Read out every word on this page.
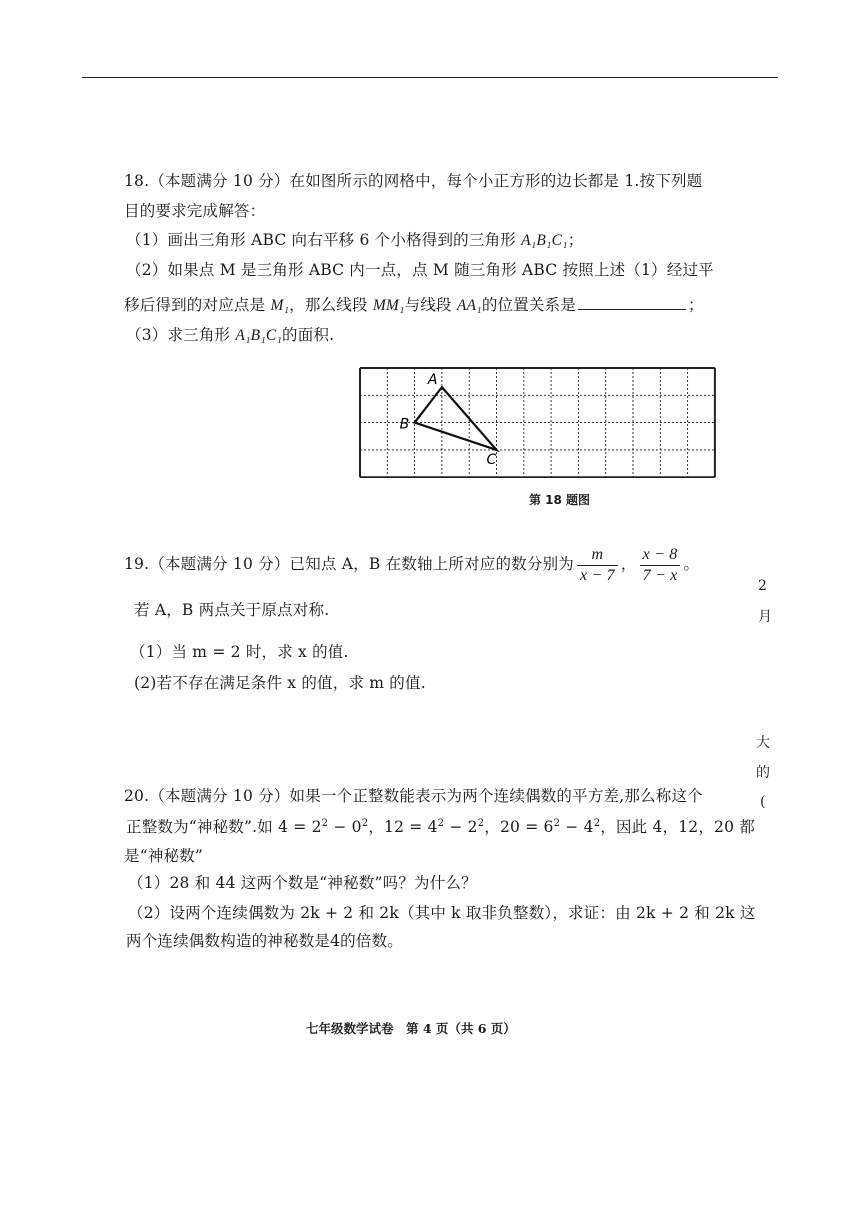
18.（本题满分 10 分）在如图所示的网格中，每个小正方形的边长都是 1.按下列题
目的要求完成解答：
（1）画出三角形 ABC 向右平移 6 个小格得到的三角形 A₁B₁C₁；
（2）如果点 M 是三角形 ABC 内一点，点 M 随三角形 ABC 按照上述（1）经过平
移后得到的对应点是 M₁，那么线段 MM₁与线段 AA₁的位置关系是	；
（3）求三角形 A₁B₁C₁的面积.
A
B
C
第 18 题图
19.（本题满分 10 分）已知点 A，B 在数轴上所对应的数分别为 $\frac{m}{x - 7}$ ， $\frac{x - 8}{7 - x}$ 。
若 A，B 两点关于原点对称.
（1）当 m = 2 时，求 x 的值.
(2)若不存在满足条件 x 的值，求 m 的值.
20.（本题满分 10 分）如果一个正整数能表示为两个连续偶数的平方差,那么称这个
正整数为“神秘数”.如 $4 = 2^2 - 0^2$，$12 = 4^2 - 2^2$，$20 = 6^2 - 4^2$，因此 4，12，20 都
是“神秘数”
（1）28 和 44 这两个数是“神秘数”吗？为什么？
（2）设两个连续偶数为 2k + 2 和 2k（其中 k 取非负整数），求证：由 2k + 2 和 2k 这
两个连续偶数构造的神秘数是4的倍数。
七年级数学试卷　第 4 页（共 6 页）
2
月
大
的
(
